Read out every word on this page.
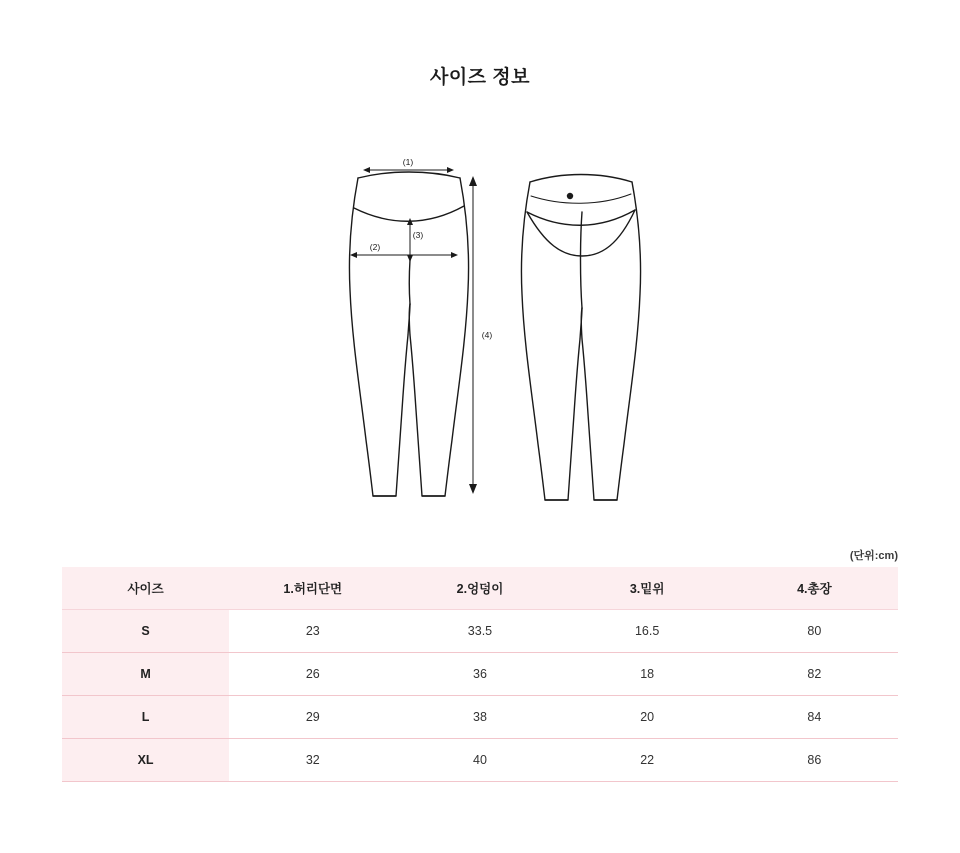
사이즈 정보
(1)
(2)
(3)
(4)
(단위:cm)
사이즈	1.허리단면	2.엉덩이	3.밑위	4.총장
S	23	33.5	16.5	80
M	26	36	18	82
L	29	38	20	84
XL	32	40	22	86
